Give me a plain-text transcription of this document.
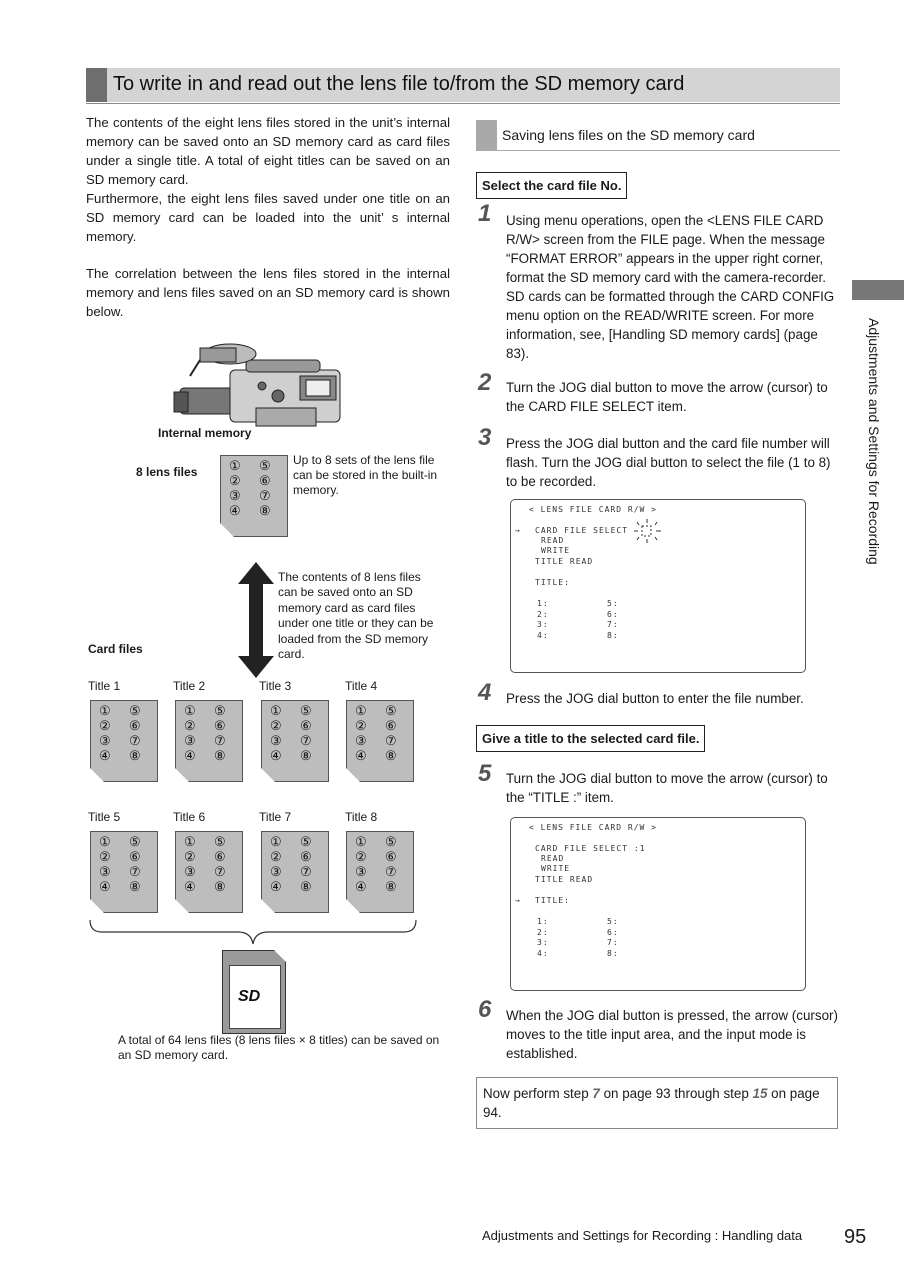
To write in and read out the lens file to/from the SD memory card
The contents of the eight lens files stored in the unit’s internal memory can be saved onto an SD memory card as card files under a single title. A total of eight titles can be saved on an SD memory card.
Furthermore, the eight lens files saved under one title on an SD memory card can be loaded into the unit’ s internal memory.
The correlation between the lens files stored in the internal memory and lens files saved on an SD memory card is shown below.
Internal memory
8 lens files ①
②
③
④
⑤
⑥
⑦
⑧
Up to 8 sets of the lens file can be stored in the built-in memory.
The contents of 8 lens files can be saved onto an SD memory card as card files under one title or they can be loaded from the SD memory card.
Card files
Title 1	Title 2	Title 3	Title 4
① ⑤
② ⑥
③ ⑦
④ ⑧
① ⑤
② ⑥
③ ⑦
④ ⑧
① ⑤
② ⑥
③ ⑦
④ ⑧
① ⑤
② ⑥
③ ⑦
④ ⑧
Title 5	Title 6	Title 7	Title 8
① ⑤
② ⑥
③ ⑦
④ ⑧
① ⑤
② ⑥
③ ⑦
④ ⑧
① ⑤
② ⑥
③ ⑦
④ ⑧
① ⑤
② ⑥
③ ⑦
④ ⑧
SD
A total of 64 lens files (8 lens files × 8 titles) can be saved on an SD memory card.
Saving lens files on the SD memory card
Select the card file No.
1 Using menu operations, open the <LENS FILE CARD R/W> screen from the FILE page. When the message “FORMAT ERROR” appears in the upper right corner, format the SD memory card with the camera-recorder. SD cards can be formatted through the CARD CONFIG menu option on the READ/WRITE screen. For more information, see, [Handling SD memory cards] (page 83).
2 Turn the JOG dial button to move the arrow (cursor) to the CARD FILE SELECT item.
3 Press the JOG dial button and the card file number will flash. Turn the JOG dial button to select the file (1 to 8) to be recorded.
< LENS FILE CARD R/W >
→ CARD FILE SELECT
READ
WRITE
TITLE READ
TITLE:
1:
2:
3:
4:
5:
6:
7:
8:
4 Press the JOG dial button to enter the file number.
Give a title to the selected card file.
5 Turn the JOG dial button to move the arrow (cursor) to the “TITLE :” item.
< LENS FILE CARD R/W >
CARD FILE SELECT :1
READ
WRITE
TITLE READ
→ TITLE:
1:
2:
3:
4:
5:
6:
7:
8:
6 When the JOG dial button is pressed, the arrow (cursor) moves to the title input area, and the input mode is established.
Now perform step 7 on page 93 through step 15 on page 94.
Adjustments and Settings for Recording
Adjustments and Settings for Recording : Handling data 95
